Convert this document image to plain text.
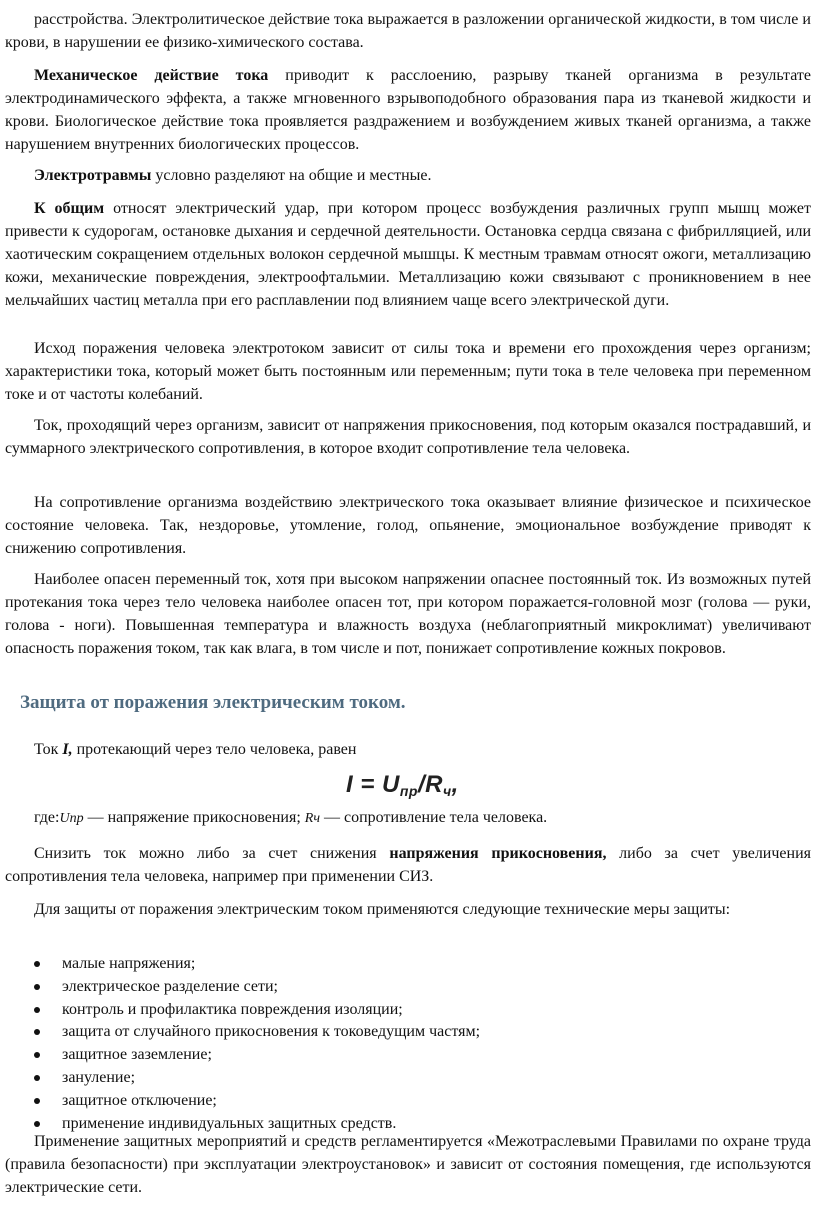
расстройства. Электролитическое действие тока выражается в разложении органической жидкости, в том числе и крови, в нарушении ее физико-химического состава.

Механическое действие тока приводит к расслоению, разрыву тканей организма в результате электродинамического эффекта, а также мгновенного взрывоподобного образования пара из тканевой жидкости и крови. Биологическое действие тока проявляется раздражением и возбуждением живых тканей организма, а также нарушением внутренних биологических процессов.

Электротравмы условно разделяют на общие и местные.

К общим относят электрический удар, при котором процесс возбуждения различных групп мышц может привести к судорогам, остановке дыхания и сердечной деятельности. Остановка сердца связана с фибрилляцией, или хаотическим сокращением отдельных волокон сердечной мышцы. К местным травмам относят ожоги, металлизацию кожи, механические повреждения, электроофтальмии. Металлизацию кожи связывают с проникновением в нее мельчайших частиц металла при его расплавлении под влиянием чаще всего электрической дуги.

Исход поражения человека электротоком зависит от силы тока и времени его прохождения через организм; характеристики тока, который может быть постоянным или переменным; пути тока в теле человека при переменном токе и от частоты колебаний.

Ток, проходящий через организм, зависит от напряжения прикосновения, под которым оказался пострадавший, и суммарного электрического сопротивления, в которое входит сопротивление тела человека.

На сопротивление организма воздействию электрического тока оказывает влияние физическое и психическое состояние человека. Так, нездоровье, утомление, голод, опьянение, эмоциональное возбуждение приводят к снижению сопротивления.

Наиболее опасен переменный ток, хотя при высоком напряжении опаснее постоянный ток. Из возможных путей протекания тока через тело человека наиболее опасен тот, при котором поражается-головной мозг (голова — руки, голова - ноги). Повышенная температура и влажность воздуха (неблагоприятный микроклимат) увеличивают опасность поражения током, так как влага, в том числе и пот, понижает сопротивление кожных покровов.

Защита от поражения электрическим током.

Ток I, протекающий через тело человека, равен

$I = U_{пр}/R_ч$,

где:Uпр — напряжение прикосновения; Rч — сопротивление тела человека.

Снизить ток можно либо за счет снижения напряжения прикосновения, либо за счет увеличения сопротивления тела человека, например при применении СИЗ.

Для защиты от поражения электрическим током применяются следующие технические меры защиты:

малые напряжения;
электрическое разделение сети;
контроль и профилактика повреждения изоляции;
защита от случайного прикосновения к токоведущим частям;
защитное заземление;
зануление;
защитное отключение;
применение индивидуальных защитных средств.

Применение защитных мероприятий и средств регламентируется «Межотраслевыми Правилами по охране труда (правила безопасности) при эксплуатации электроустановок» и зависит от состояния помещения, где используются электрические сети.
